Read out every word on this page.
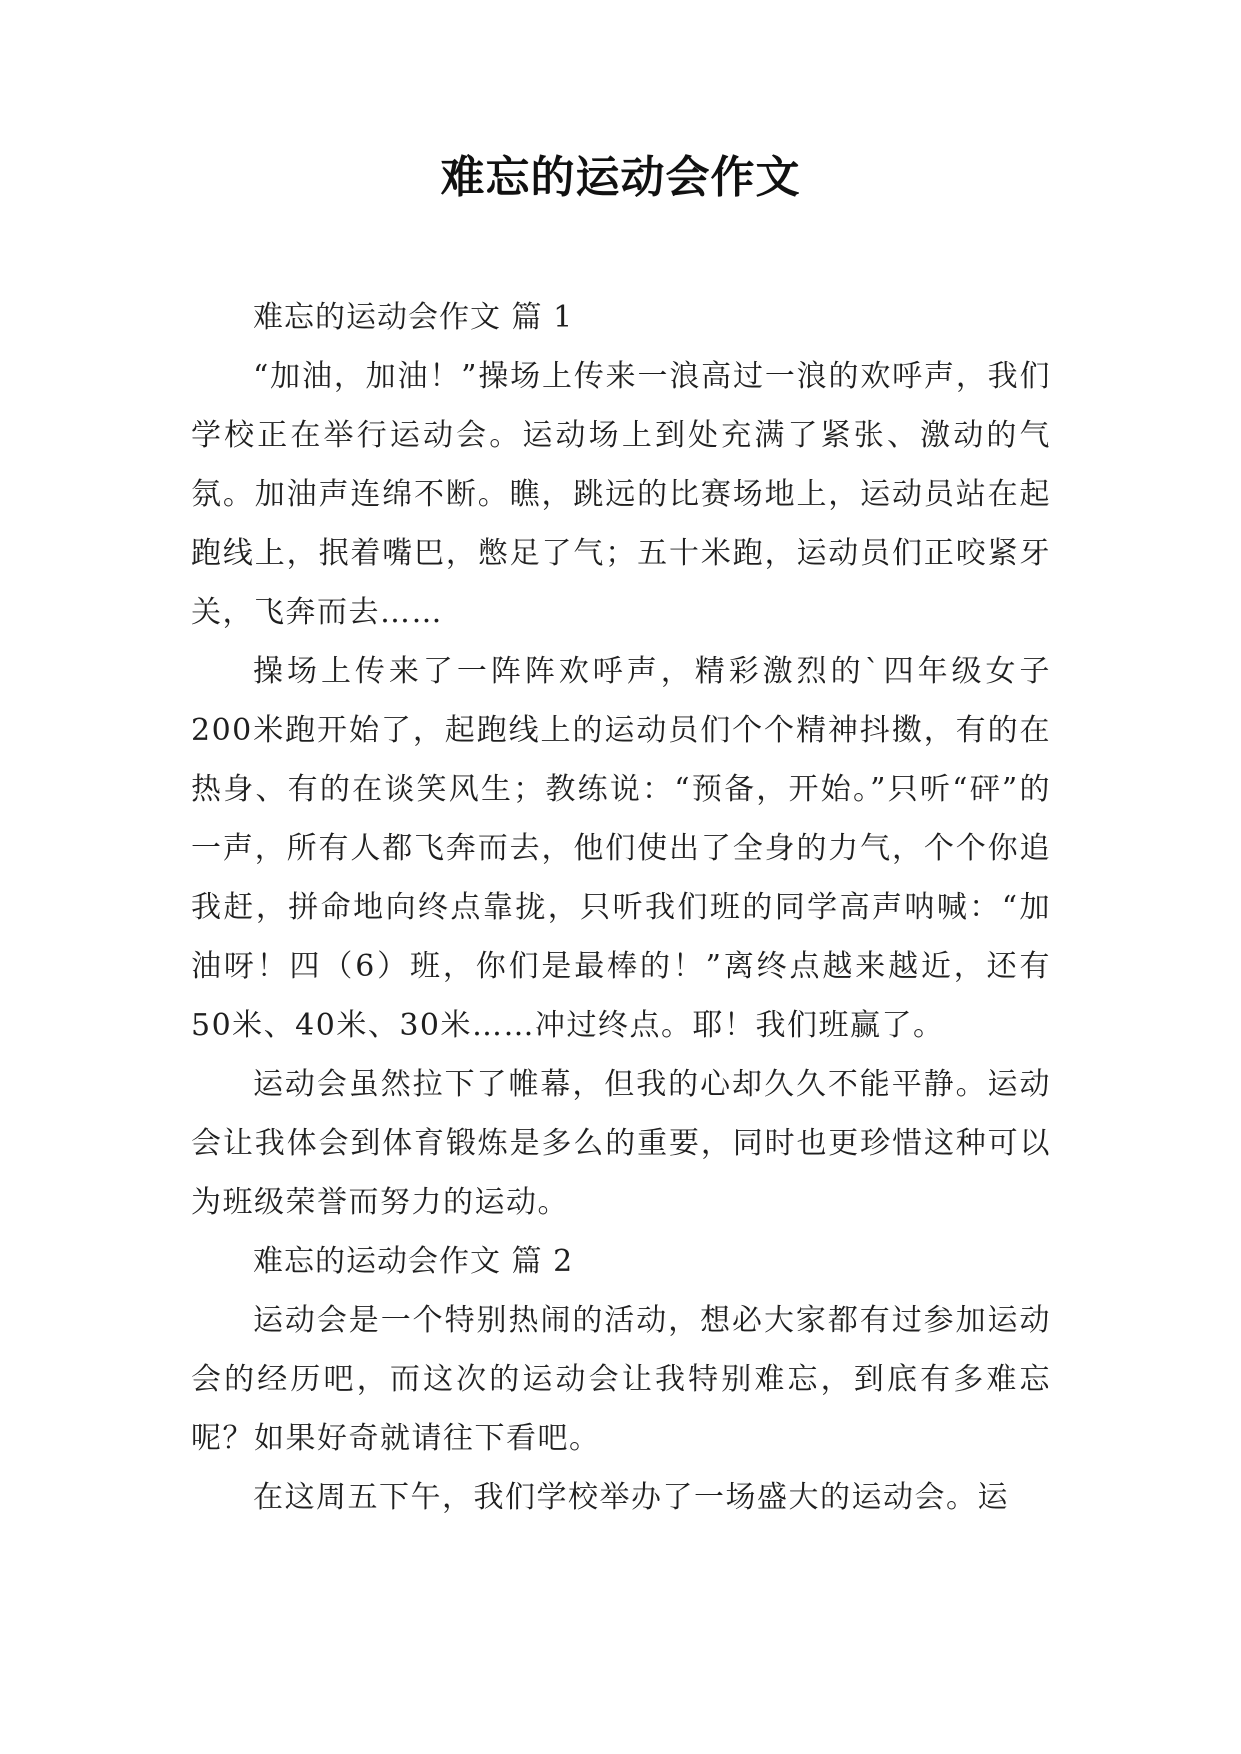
难忘的运动会作文

难忘的运动会作文 篇 1

“加油，加油！”操场上传来一浪高过一浪的欢呼声，我们学校正在举行运动会。运动场上到处充满了紧张、激动的气氛。加油声连绵不断。瞧，跳远的比赛场地上，运动员站在起跑线上，抿着嘴巴，憋足了气；五十米跑，运动员们正咬紧牙关，飞奔而去……

操场上传来了一阵阵欢呼声，精彩激烈的`四年级女子200米跑开始了，起跑线上的运动员们个个精神抖擞，有的在热身、有的在谈笑风生；教练说：“预备，开始。”只听“砰”的一声，所有人都飞奔而去，他们使出了全身的力气，个个你追我赶，拼命地向终点靠拢，只听我们班的同学高声呐喊：“加油呀！四（6）班，你们是最棒的！”离终点越来越近，还有50米、40米、30米……冲过终点。耶！我们班赢了。

运动会虽然拉下了帷幕，但我的心却久久不能平静。运动会让我体会到体育锻炼是多么的重要，同时也更珍惜这种可以为班级荣誉而努力的运动。

难忘的运动会作文 篇 2

运动会是一个特别热闹的活动，想必大家都有过参加运动会的经历吧，而这次的运动会让我特别难忘，到底有多难忘呢？如果好奇就请往下看吧。

在这周五下午，我们学校举办了一场盛大的运动会。运
